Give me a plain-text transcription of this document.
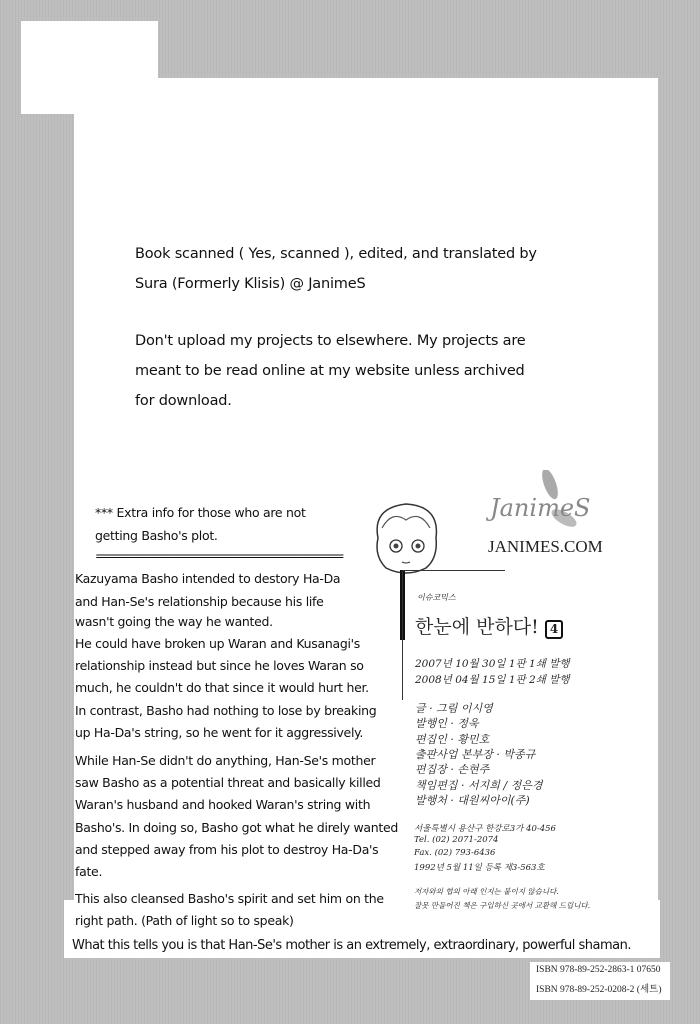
Book scanned ( Yes, scanned ), edited, and translated by
Sura (Formerly Klisis) @ JanimeS
Don't upload my projects to elsewhere. My projects are
meant to be read online at my website unless archived
for download.
*** Extra info for those who are not
getting Basho's plot.
=====================================
Kazuyama Basho intended to destory Ha-Da
and Han-Se's relationship because his life
wasn't going the way he wanted.
He could have broken up Waran and Kusanagi's
relationship instead but since he loves Waran so
much, he couldn't do that since it would hurt her.
In contrast, Basho had nothing to lose by breaking
up Ha-Da's string, so he went for it aggressively.
While Han-Se didn't do anything, Han-Se's mother
saw Basho as a potential threat and basically killed
Waran's husband and hooked Waran's string with
Basho's. In doing so, Basho got what he direly wanted
and stepped away from his plot to destroy Ha-Da's
fate.
This also cleansed Basho's spirit and set him on the
right path. (Path of light so to speak)
What this tells you is that Han-Se's mother is an extremely, extraordinary, powerful shaman.
JanimeS
JANIMES.COM
이슈코믹스
한눈에 반하다! 4
2007년 10월 30일 1판 1쇄 발행
2008년 04월 15일 1판 2쇄 발행
글 · 그림 이시영
발행인 · 정욱
편집인 · 황민호
출판사업 본부장 · 박종규
편집장 · 손현주
책임편집 · 서지희 / 정은경
발행처 · 대원씨아이(주)
서울특별시 용산구 한강로3가 40-456
Tel. (02) 2071-2074
Fax. (02) 793-6436
1992년 5월 11일 등록 제3-563호
저자와의 협의 아래 인지는 붙이지 않습니다.
잘못 만들어진 책은 구입하신 곳에서 교환해 드립니다.
ISBN 978-89-252-2863-1 07650
ISBN 978-89-252-0208-2 (세트)
